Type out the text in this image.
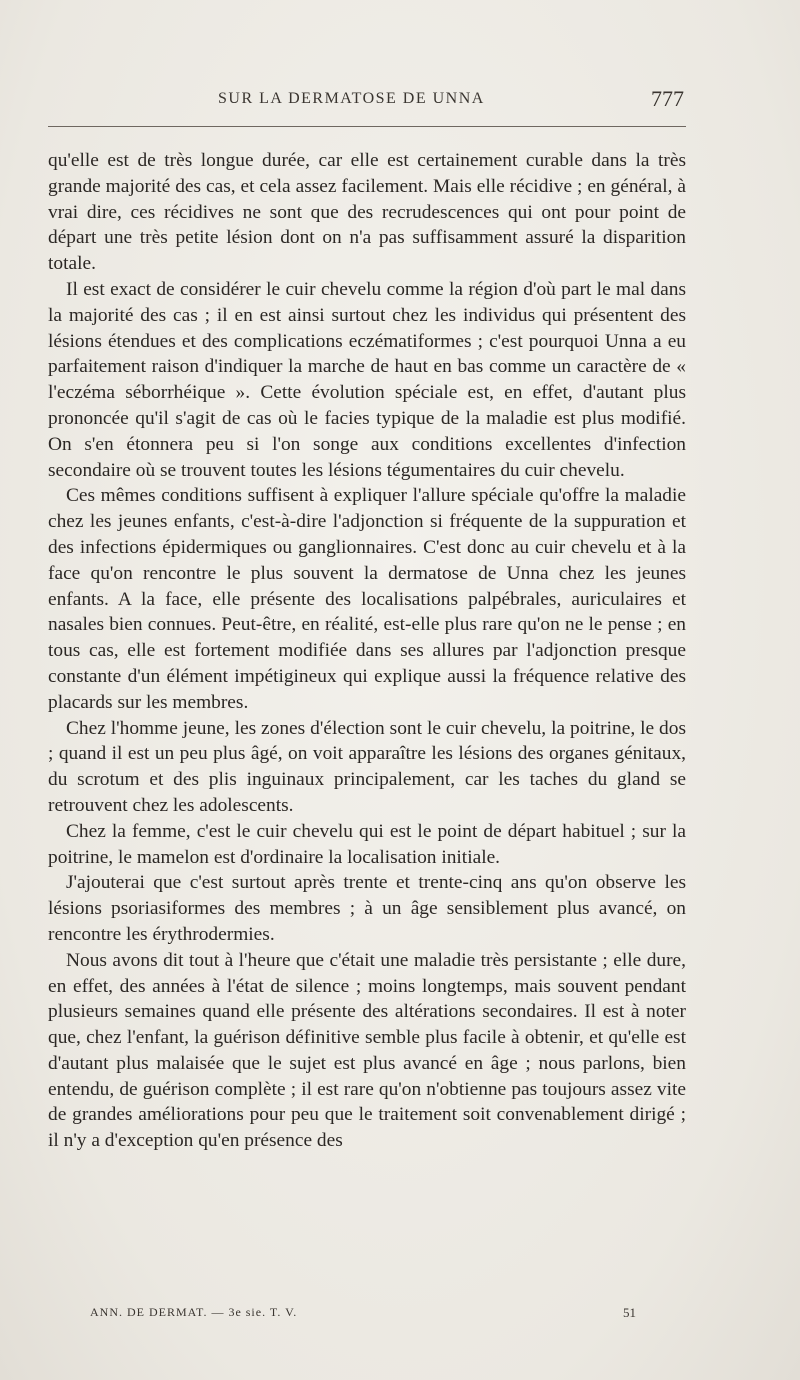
SUR LA DERMATOSE DE UNNA	777

qu'elle est de très longue durée, car elle est certainement curable dans la très grande majorité des cas, et cela assez facilement. Mais elle récidive ; en général, à vrai dire, ces récidives ne sont que des recrudescences qui ont pour point de départ une très petite lésion dont on n'a pas suffisamment assuré la disparition totale.

Il est exact de considérer le cuir chevelu comme la région d'où part le mal dans la majorité des cas ; il en est ainsi surtout chez les individus qui présentent des lésions étendues et des complications eczématiformes ; c'est pourquoi Unna a eu parfaitement raison d'indiquer la marche de haut en bas comme un caractère de « l'eczéma séborrhéique ». Cette évolution spéciale est, en effet, d'autant plus prononcée qu'il s'agit de cas où le facies typique de la maladie est plus modifié. On s'en étonnera peu si l'on songe aux conditions excellentes d'infection secondaire où se trouvent toutes les lésions tégumentaires du cuir chevelu.

Ces mêmes conditions suffisent à expliquer l'allure spéciale qu'offre la maladie chez les jeunes enfants, c'est-à-dire l'adjonction si fréquente de la suppuration et des infections épidermiques ou ganglionnaires. C'est donc au cuir chevelu et à la face qu'on rencontre le plus souvent la dermatose de Unna chez les jeunes enfants. A la face, elle présente des localisations palpébrales, auriculaires et nasales bien connues. Peut-être, en réalité, est-elle plus rare qu'on ne le pense ; en tous cas, elle est fortement modifiée dans ses allures par l'adjonction presque constante d'un élément impétigineux qui explique aussi la fréquence relative des placards sur les membres.

Chez l'homme jeune, les zones d'élection sont le cuir chevelu, la poitrine, le dos ; quand il est un peu plus âgé, on voit apparaître les lésions des organes génitaux, du scrotum et des plis inguinaux principalement, car les taches du gland se retrouvent chez les adolescents.

Chez la femme, c'est le cuir chevelu qui est le point de départ habituel ; sur la poitrine, le mamelon est d'ordinaire la localisation initiale.

J'ajouterai que c'est surtout après trente et trente-cinq ans qu'on observe les lésions psoriasiformes des membres ; à un âge sensiblement plus avancé, on rencontre les érythrodermies.

Nous avons dit tout à l'heure que c'était une maladie très persistante ; elle dure, en effet, des années à l'état de silence ; moins longtemps, mais souvent pendant plusieurs semaines quand elle présente des altérations secondaires. Il est à noter que, chez l'enfant, la guérison définitive semble plus facile à obtenir, et qu'elle est d'autant plus malaisée que le sujet est plus avancé en âge ; nous parlons, bien entendu, de guérison complète ; il est rare qu'on n'obtienne pas toujours assez vite de grandes améliorations pour peu que le traitement soit convenablement dirigé ; il n'y a d'exception qu'en présence des

ANN. DE DERMAT. — 3e sie. T. V.	51
